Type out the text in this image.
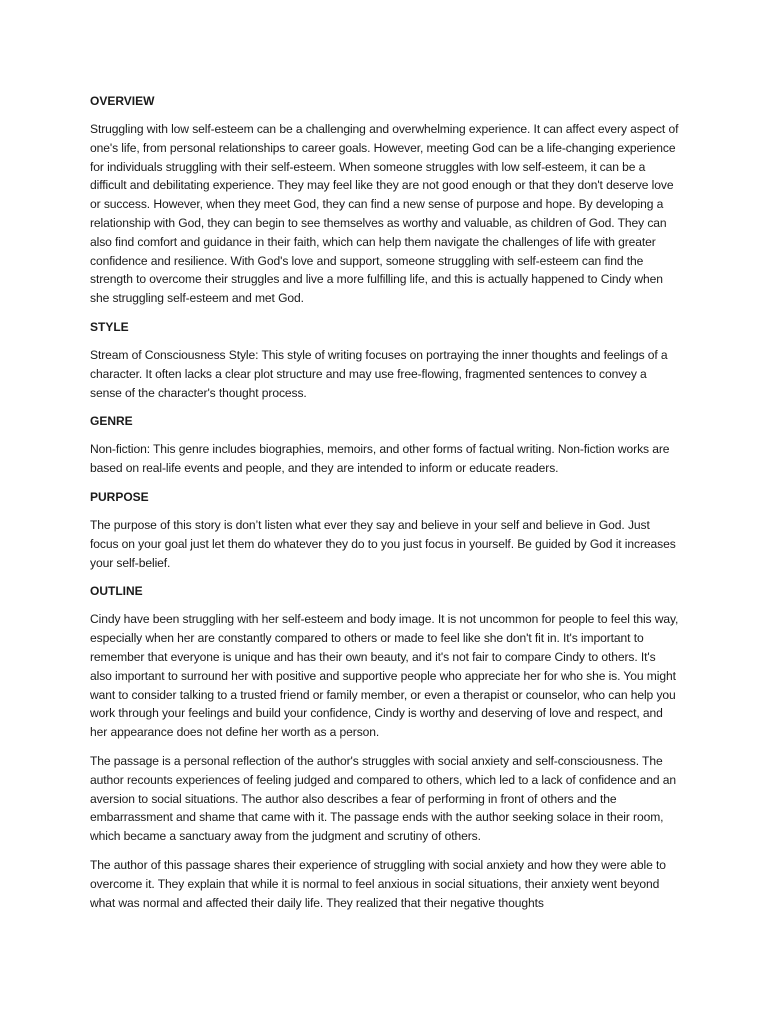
OVERVIEW

Struggling with low self-esteem can be a challenging and overwhelming experience. It can affect every aspect of one's life, from personal relationships to career goals. However, meeting God can be a life-changing experience for individuals struggling with their self-esteem. When someone struggles with low self-esteem, it can be a difficult and debilitating experience. They may feel like they are not good enough or that they don't deserve love or success. However, when they meet God, they can find a new sense of purpose and hope. By developing a relationship with God, they can begin to see themselves as worthy and valuable, as children of God. They can also find comfort and guidance in their faith, which can help them navigate the challenges of life with greater confidence and resilience. With God's love and support, someone struggling with self-esteem can find the strength to overcome their struggles and live a more fulfilling life, and this is actually happened to Cindy when she struggling self-esteem and met God.

STYLE

Stream of Consciousness Style: This style of writing focuses on portraying the inner thoughts and feelings of a character. It often lacks a clear plot structure and may use free-flowing, fragmented sentences to convey a sense of the character's thought process.

GENRE

Non-fiction: This genre includes biographies, memoirs, and other forms of factual writing. Non-fiction works are based on real-life events and people, and they are intended to inform or educate readers.

PURPOSE

The purpose of this story is don’t listen what ever they say and believe in your self and believe in God. Just focus on your goal just let them do whatever they do to you just focus in yourself. Be guided by God it increases your self-belief.

OUTLINE

Cindy have been struggling with her self-esteem and body image. It is not uncommon for people to feel this way, especially when her are constantly compared to others or made to feel like she don't fit in. It's important to remember that everyone is unique and has their own beauty, and it's not fair to compare Cindy to others. It's also important to surround her with positive and supportive people who appreciate her for who she is. You might want to consider talking to a trusted friend or family member, or even a therapist or counselor, who can help you work through your feelings and build your confidence, Cindy is worthy and deserving of love and respect, and her appearance does not define her worth as a person.

The passage is a personal reflection of the author's struggles with social anxiety and self-consciousness. The author recounts experiences of feeling judged and compared to others, which led to a lack of confidence and an aversion to social situations. The author also describes a fear of performing in front of others and the embarrassment and shame that came with it. The passage ends with the author seeking solace in their room, which became a sanctuary away from the judgment and scrutiny of others.

The author of this passage shares their experience of struggling with social anxiety and how they were able to overcome it. They explain that while it is normal to feel anxious in social situations, their anxiety went beyond what was normal and affected their daily life. They realized that their negative thoughts
